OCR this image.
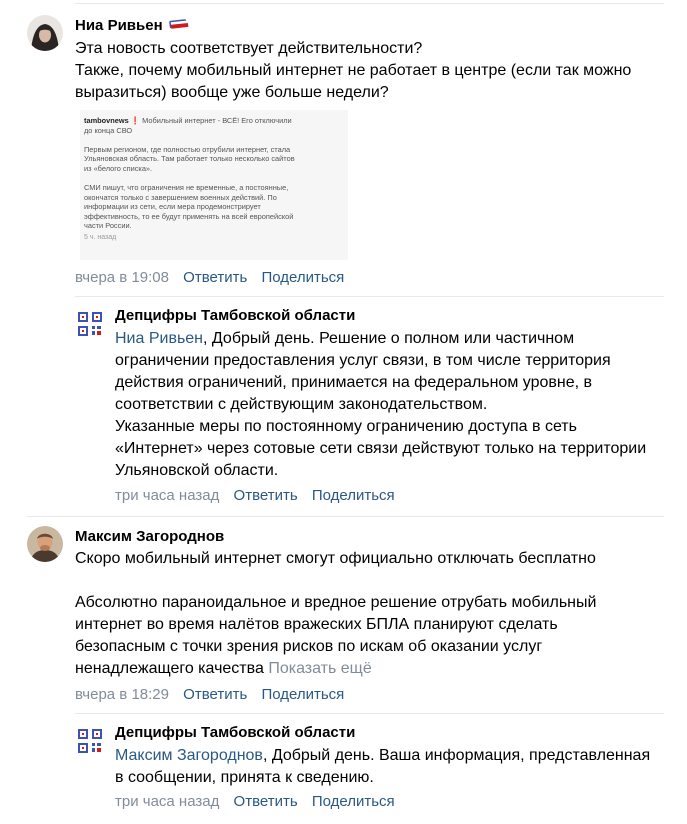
Ниа Ривьен

Эта новость соответствует действительности?

Также, почему мобильный интернет не работает в центре (если так можно

выразиться) вообще уже больше недели?

tambovnews ❗ Мобильный интернет - ВСЁ! Его отключили
до конца СВО
Первым регионом, где полностью отрубили интернет, стала
Ульяновская область. Там работает только несколько сайтов
из «белого списка».
СМИ пишут, что ограничения не временные, а постоянные,
окончатся только с завершением военных действий. По
информации из сети, если мера продемонстрирует
эффективность, то ее будут применять на всей европейской
части России.
5 ч. назад
вчера в 19:08 Ответить Поделиться
Депцифры Тамбовской области

Ниа Ривьен, Добрый день. Решение о полном или частичном

ограничении предоставления услуг связи, в том числе территория

действия ограничений, принимается на федеральном уровне, в

соответствии с действующим законодательством.

Указанные меры по постоянному ограничению доступа в сеть

«Интернет» через сотовые сети связи действуют только на территории

Ульяновской области.

три часа назад Ответить Поделиться
Максим Загороднов

Скоро мобильный интернет смогут официально отключать бесплатно

Абсолютно параноидальное и вредное решение отрубать мобильный

интернет во время налётов вражеских БПЛА планируют сделать

безопасным с точки зрения рисков по искам об оказании услуг

ненадлежащего качества Показать ещё

вчера в 18:29 Ответить Поделиться
Депцифры Тамбовской области

Максим Загороднов, Добрый день. Ваша информация, представленная

в сообщении, принята к сведению.

три часа назад Ответить Поделиться
